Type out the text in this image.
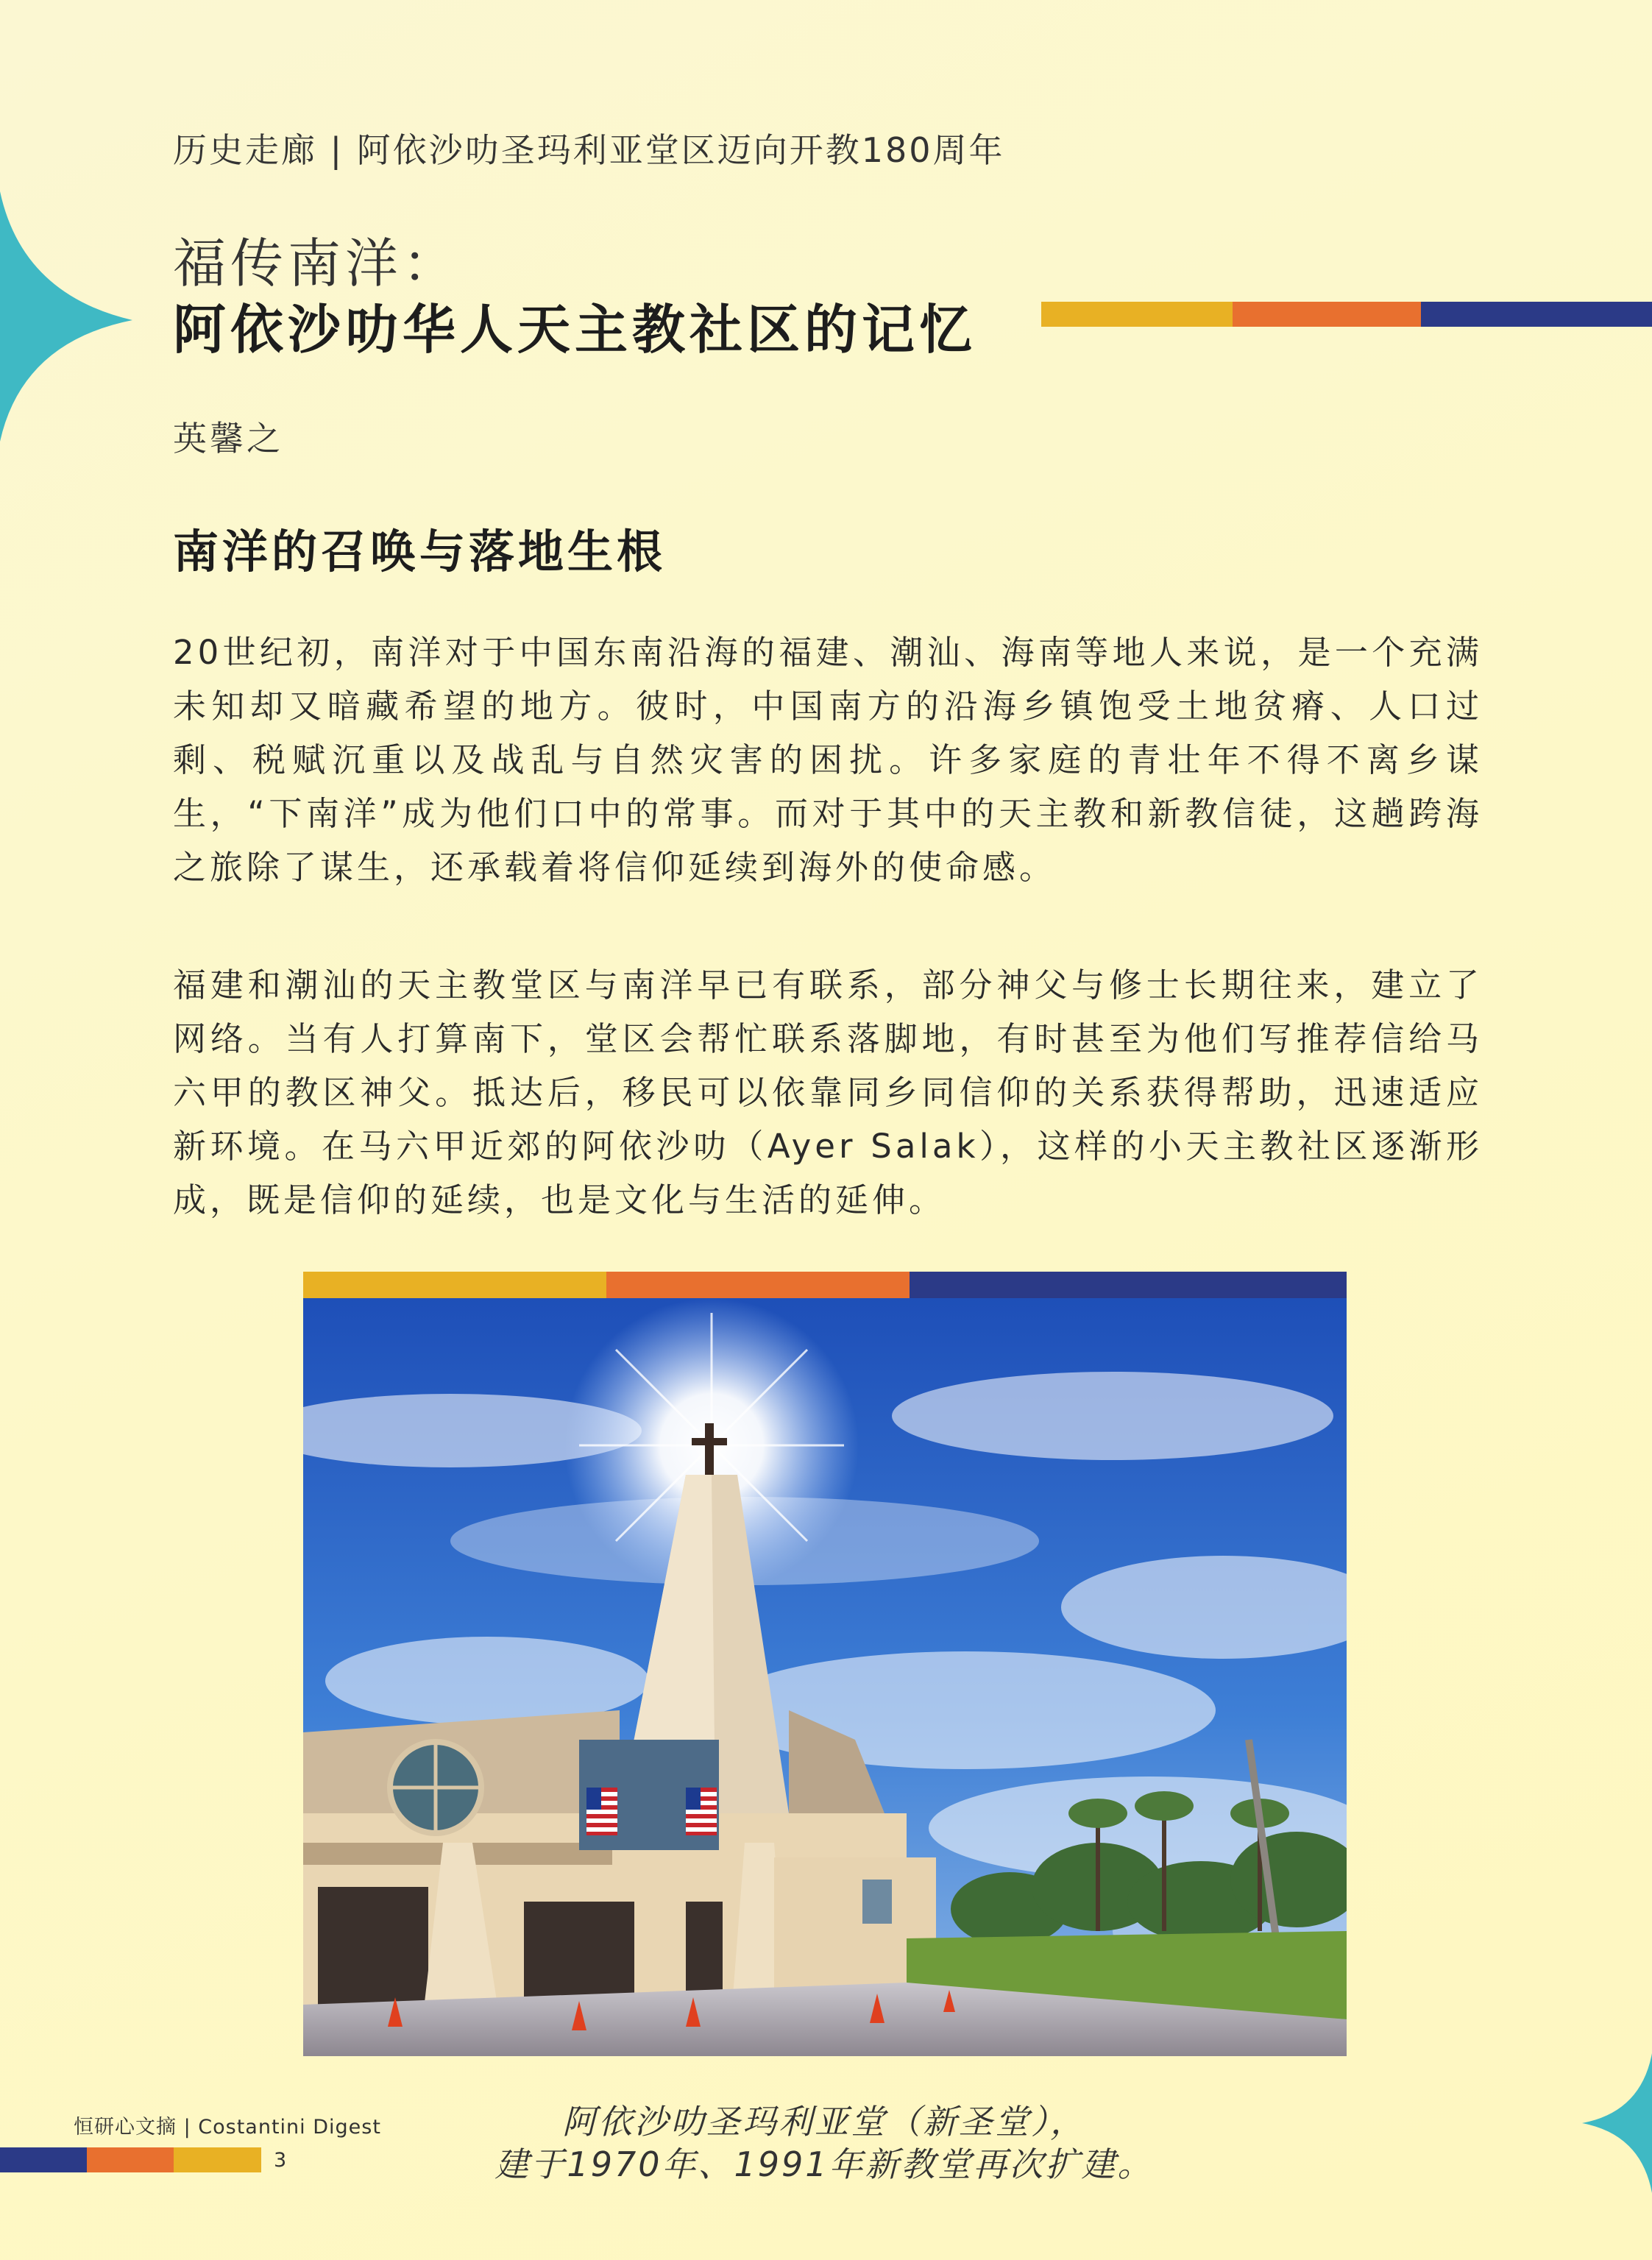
历史走廊 | 阿依沙叻圣玛利亚堂区迈向开教180周年
福传南洋：
阿依沙叻华人天主教社区的记忆
英馨之
南洋的召唤与落地生根

20世纪初，南洋对于中国东南沿海的福建、潮汕、海南等地人来说，是一个充满未知却又暗藏希望的地方。彼时，中国南方的沿海乡镇饱受土地贫瘠、人口过剩、税赋沉重以及战乱与自然灾害的困扰。许多家庭的青壮年不得不离乡谋生，“下南洋”成为他们口中的常事。而对于其中的天主教和新教信徒，这趟跨海之旅除了谋生，还承载着将信仰延续到海外的使命感。

福建和潮汕的天主教堂区与南洋早已有联系，部分神父与修士长期往来，建立了网络。当有人打算南下，堂区会帮忙联系落脚地，有时甚至为他们写推荐信给马六甲的教区神父。抵达后，移民可以依靠同乡同信仰的关系获得帮助，迅速适应新环境。在马六甲近郊的阿依沙叻（Ayer Salak），这样的小天主教社区逐渐形成，既是信仰的延续，也是文化与生活的延伸。

阿依沙叻圣玛利亚堂（新圣堂），
建于1970年、1991年新教堂再次扩建。
恒研心文摘 | Costantini Digest
3
